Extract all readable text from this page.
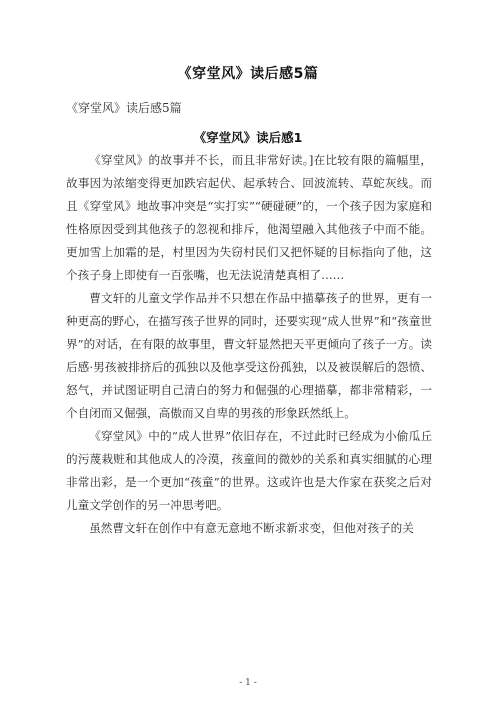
《穿堂风》读后感5篇
《穿堂风》读后感5篇
《穿堂风》读后感1

《穿堂风》的故事并不长，而且非常好读。]在比较有限的篇幅里，故事因为浓缩变得更加跌宕起伏、起承转合、回波流转、草蛇灰线。而且《穿堂风》地故事冲突是“实打实”“硬碰硬”的，一个孩子因为家庭和性格原因受到其他孩子的忽视和排斥，他渴望融入其他孩子中而不能。更加雪上加霜的是，村里因为失窃村民们又把怀疑的目标指向了他，这个孩子身上即使有一百张嘴，也无法说清楚真相了……

曹文轩的儿童文学作品并不只想在作品中描摹孩子的世界，更有一种更高的野心，在描写孩子世界的同时，还要实现“成人世界”和“孩童世界”的对话，在有限的故事里，曹文轩显然把天平更倾向了孩子一方。读后感·男孩被排挤后的孤独以及他享受这份孤独，以及被误解后的怨愤、怒气，并试图证明自己清白的努力和倔强的心理描摹，都非常精彩，一个自闭而又倔强，高傲而又自卑的男孩的形象跃然纸上。

《穿堂风》中的“成人世界”依旧存在，不过此时已经成为小偷瓜丘的污蔑栽赃和其他成人的冷漠，孩童间的微妙的关系和真实细腻的心理非常出彩，是一个更加“孩童”的世界。这或许也是大作家在获奖之后对儿童文学创作的另一冲思考吧。

虽然曹文轩在创作中有意无意地不断求新求变，但他对孩子的关

- 1 -
